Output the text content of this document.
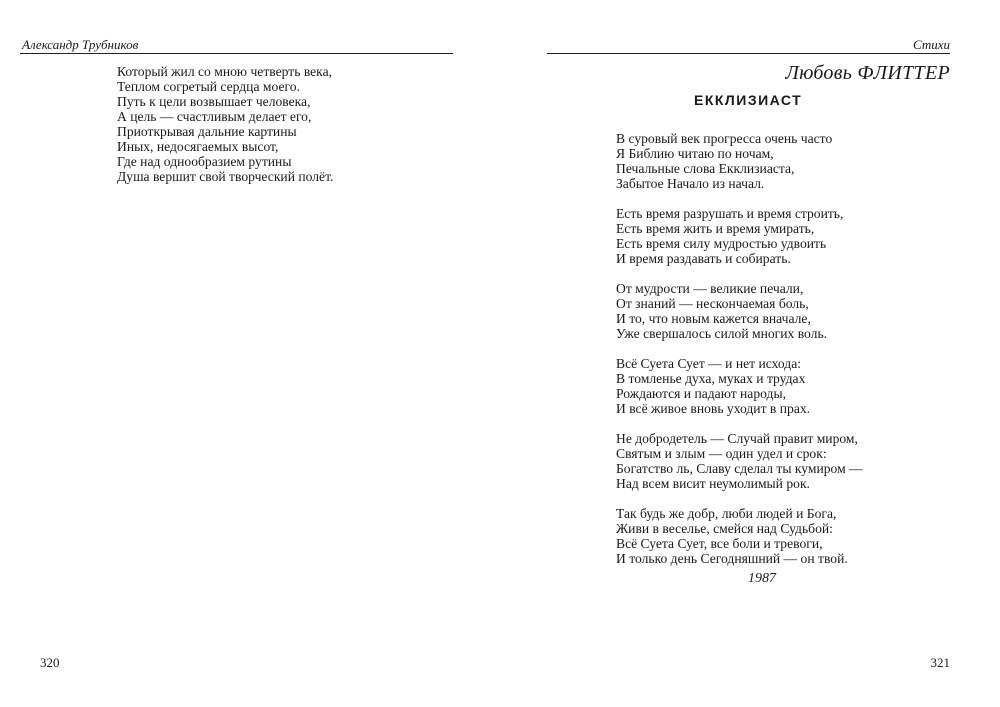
Александр Трубников
Который жил со мною четверть века,
Теплом согретый сердца моего.
Путь к цели возвышает человека,
А цель — счастливым делает его,
Приоткрывая дальние картины
Иных, недосягаемых высот,
Где над однообразием рутины
Душа вершит свой творческий полёт.
320
Стихи
Любовь ФЛИТТЕР
В суровый век прогресса очень часто
Я Библию читаю по ночам,
Печальные слова Екклизиаста,
Забытое Начало из начал.
Есть время разрушать и время строить,
Есть время жить и время умирать,
Есть время силу мудростью удвоить
И время раздавать и собирать.
От мудрости — великие печали,
От знаний — нескончаемая боль,
И то, что новым кажется вначале,
Уже свершалось силой многих воль.
Всё Суета Сует — и нет исхода:
В томленье духа, муках и трудах
Рождаются и падают народы,
И всё живое вновь уходит в прах.
Не добродетель — Случай правит миром,
Святым и злым — один удел и срок:
Богатство ль, Славу сделал ты кумиром —
Над всем висит неумолимый рок.
Так будь же добр, люби людей и Бога,
Живи в веселье, смейся над Судьбой:
Всё Суета Сует, все боли и тревоги,
И только день Сегодняшний — он твой.
321
ЕККЛИЗИАСТ
1987
